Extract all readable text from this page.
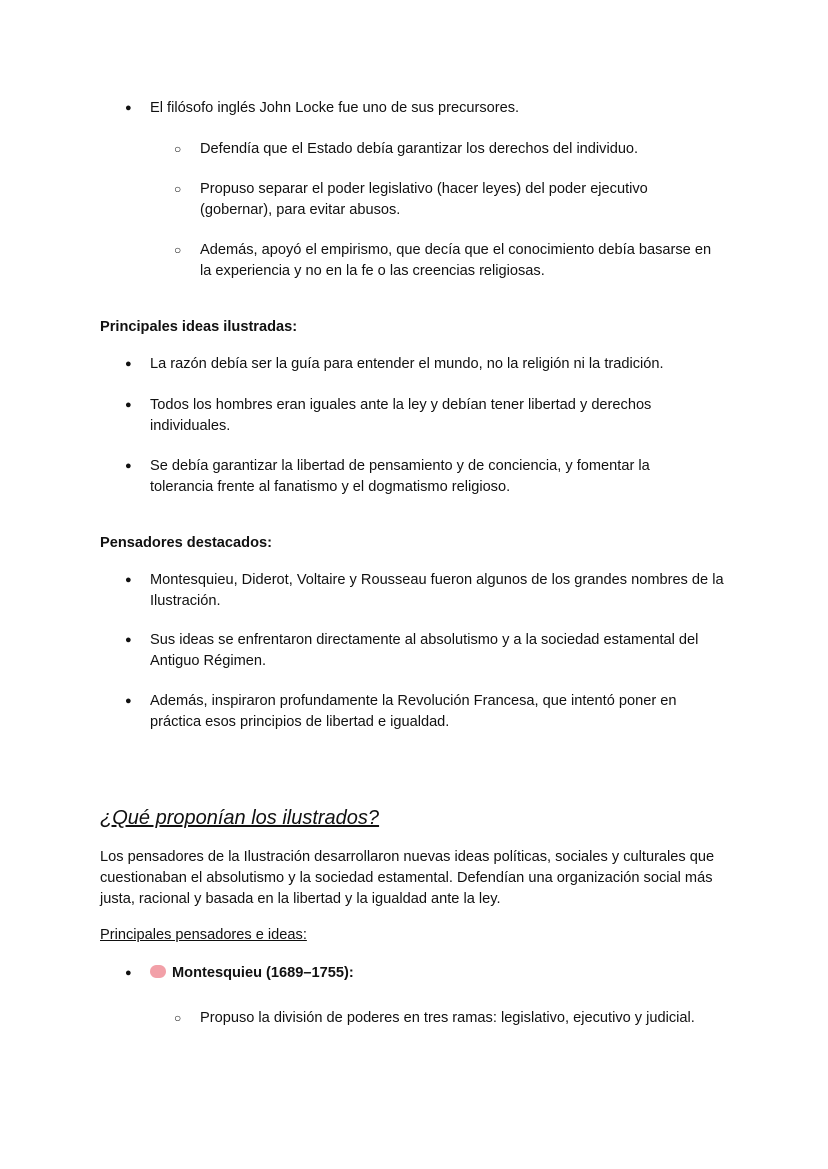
● El filósofo inglés John Locke fue uno de sus precursores.
○ Defendía que el Estado debía garantizar los derechos del individuo.
○ Propuso separar el poder legislativo (hacer leyes) del poder ejecutivo (gobernar), para evitar abusos.
○ Además, apoyó el empirismo, que decía que el conocimiento debía basarse en la experiencia y no en la fe o las creencias religiosas.
Principales ideas ilustradas:
● La razón debía ser la guía para entender el mundo, no la religión ni la tradición.
● Todos los hombres eran iguales ante la ley y debían tener libertad y derechos individuales.
● Se debía garantizar la libertad de pensamiento y de conciencia, y fomentar la tolerancia frente al fanatismo y el dogmatismo religioso.
Pensadores destacados:
● Montesquieu, Diderot, Voltaire y Rousseau fueron algunos de los grandes nombres de la Ilustración.
● Sus ideas se enfrentaron directamente al absolutismo y a la sociedad estamental del Antiguo Régimen.
● Además, inspiraron profundamente la Revolución Francesa, que intentó poner en práctica esos principios de libertad e igualdad.
¿Qué proponían los ilustrados?
Los pensadores de la Ilustración desarrollaron nuevas ideas políticas, sociales y culturales que cuestionaban el absolutismo y la sociedad estamental. Defendían una organización social más justa, racional y basada en la libertad y la igualdad ante la ley.
Principales pensadores e ideas:
● Montesquieu (1689–1755):
○ Propuso la división de poderes en tres ramas: legislativo, ejecutivo y judicial.
